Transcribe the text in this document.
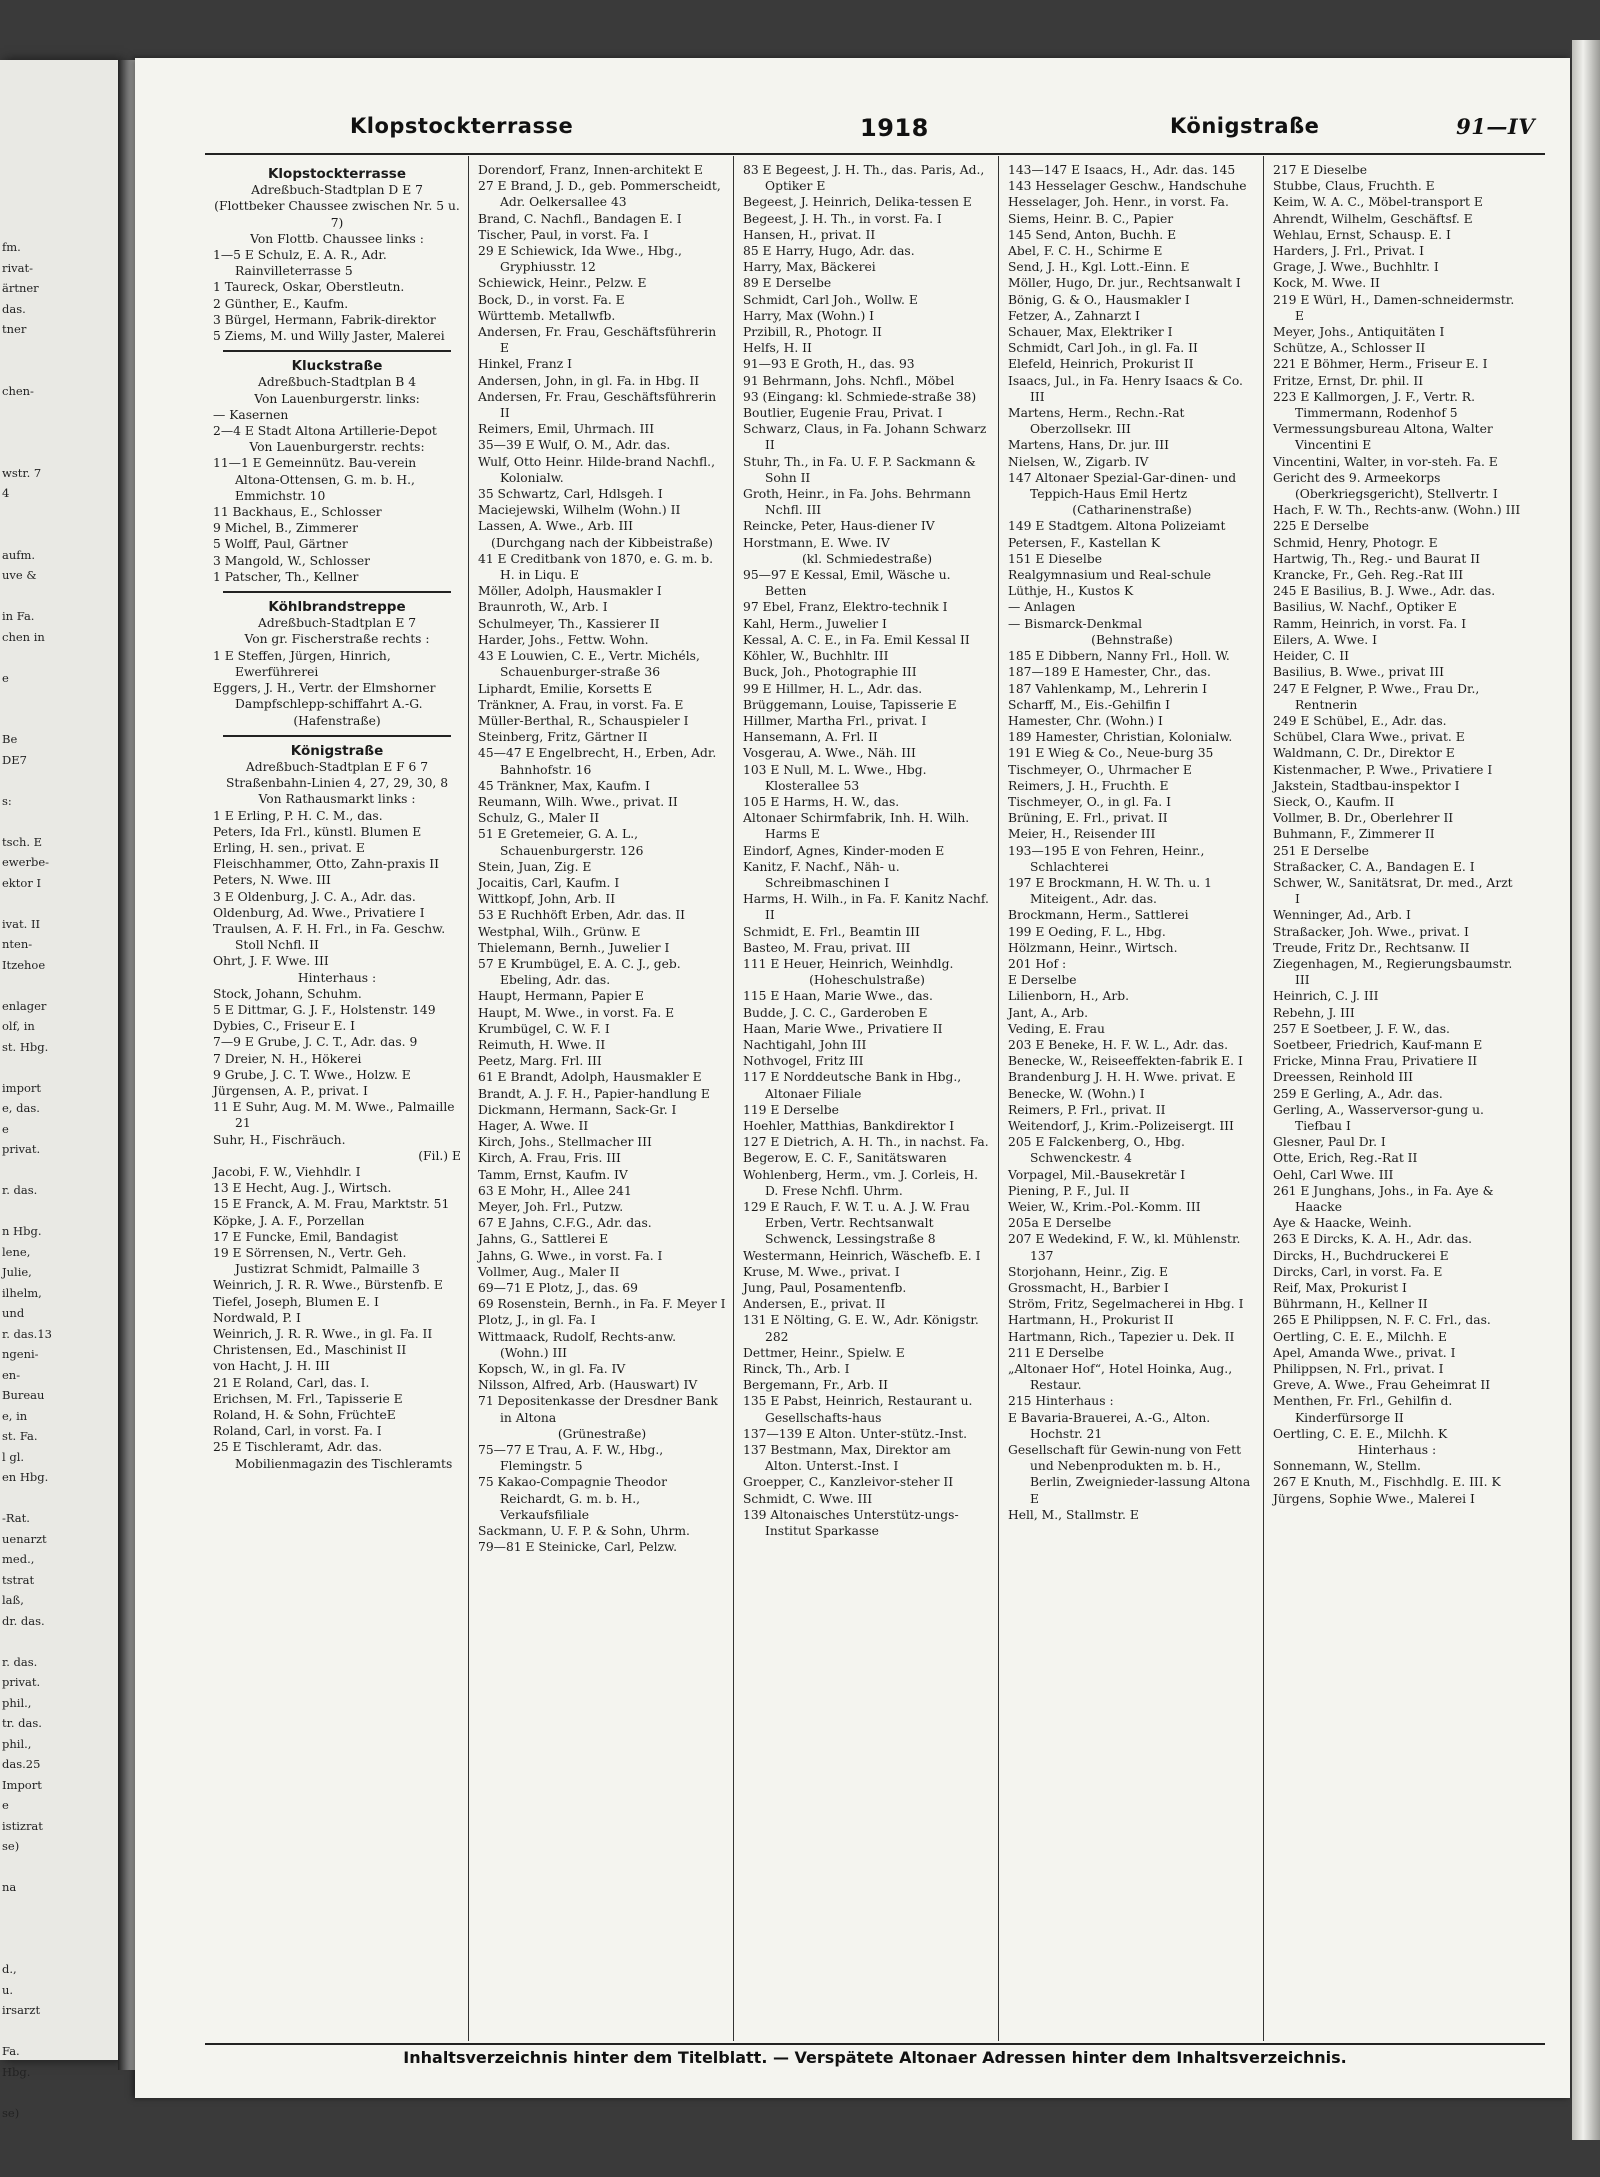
fm.
rivat-
ärtner
das.
tner
chen-
wstr. 7
4
aufm.
uve &
in Fa.
chen in
e
Be
DE7
s:
tsch. E
ewerbe-
ektor I
ivat. II
nten-
Itzehoe
enlager
olf, in
st. Hbg.
import
e, das.
e
privat.
r. das.
n Hbg.
lene,
Julie,
ilhelm,
und
r. das.13
ngeni-
en-
Bureau
e, in
st. Fa.
l gl.
en Hbg.
-Rat.
uenarzt
med.,
tstrat
laß,
dr. das.
r. das.
privat.
phil.,
tr. das.
phil.,
das.25
Import
e
istizrat
se)
na
d.,
u.
irsarzt
Fa.
Hbg.
se)
Klopstockterrasse	1918	Königstraße	91—IV
Klopstockterrasse
Adreßbuch-Stadtplan D E 7
(Flottbeker Chaussee zwischen Nr. 5 u. 7)
Von Flottb. Chaussee links :
1—5 E Schulz, E. A. R., Adr. Rainvilleterrasse 5
1 Taureck, Oskar, Oberstleutn.
2 Günther, E., Kaufm.
3 Bürgel, Hermann, Fabrik-direktor
5 Ziems, M. und Willy Jaster, Malerei
Kluckstraße
Adreßbuch-Stadtplan B 4
Von Lauenburgerstr. links:
— Kasernen
2—4 E Stadt Altona Artillerie-Depot
Von Lauenburgerstr. rechts:
11—1 E Gemeinnütz. Bau-verein Altona-Ottensen, G. m. b. H., Emmichstr. 10
11 Backhaus, E., Schlosser
9 Michel, B., Zimmerer
5 Wolff, Paul, Gärtner
3 Mangold, W., Schlosser
1 Patscher, Th., Kellner
Köhlbrandstreppe
Adreßbuch-Stadtplan E 7
Von gr. Fischerstraße rechts :
1 E Steffen, Jürgen, Hinrich, Ewerführerei
Eggers, J. H., Vertr. der Elmshorner Dampfschlepp-schiffahrt A.-G.
(Hafenstraße)
Königstraße
Adreßbuch-Stadtplan E F 6 7
Straßenbahn-Linien 4, 27, 29, 30, 8
Von Rathausmarkt links :
1 E Erling, P. H. C. M., das.
Peters, Ida Frl., künstl. Blumen E
Erling, H. sen., privat. E
Fleischhammer, Otto, Zahn-praxis II
Peters, N. Wwe. III
3 E Oldenburg, J. C. A., Adr. das.
Oldenburg, Ad. Wwe., Privatiere I
Traulsen, A. F. H. Frl., in Fa. Geschw. Stoll Nchfl. II
Ohrt, J. F. Wwe. III
Hinterhaus :
Stock, Johann, Schuhm.
5 E Dittmar, G. J. F., Holstenstr. 149
Dybies, C., Friseur E. I
7—9 E Grube, J. C. T., Adr. das. 9
7 Dreier, N. H., Hökerei
9 Grube, J. C. T. Wwe., Holzw. E
Jürgensen, A. P., privat. I
11 E Suhr, Aug. M. M. Wwe., Palmaille 21
Suhr, H., Fischräuch.
(Fil.) E
Jacobi, F. W., Viehhdlr. I
13 E Hecht, Aug. J., Wirtsch.
15 E Franck, A. M. Frau, Marktstr. 51
Köpke, J. A. F., Porzellan
17 E Funcke, Emil, Bandagist
19 E Sörrensen, N., Vertr. Geh. Justizrat Schmidt, Palmaille 3
Weinrich, J. R. R. Wwe., Bürstenfb. E
Tiefel, Joseph, Blumen E. I
Nordwald, P. I
Weinrich, J. R. R. Wwe., in gl. Fa. II
Christensen, Ed., Maschinist II
von Hacht, J. H. III
21 E Roland, Carl, das. I.
Erichsen, M. Frl., Tapisserie E
Roland, H. & Sohn, FrüchteE
Roland, Carl, in vorst. Fa. I
25 E Tischleramt, Adr. das. Mobilienmagazin des Tischleramts
Dorendorf, Franz, Innen-architekt E
27 E Brand, J. D., geb. Pommerscheidt, Adr. Oelkersallee 43
Brand, C. Nachfl., Bandagen E. I
Tischer, Paul, in vorst. Fa. I
29 E Schiewick, Ida Wwe., Hbg., Gryphiusstr. 12
Schiewick, Heinr., Pelzw. E
Bock, D., in vorst. Fa. E
Württemb. Metallwfb.
Andersen, Fr. Frau, Geschäftsführerin E
Hinkel, Franz I
Andersen, John, in gl. Fa. in Hbg. II
Andersen, Fr. Frau, Geschäftsführerin II
Reimers, Emil, Uhrmach. III
35—39 E Wulf, O. M., Adr. das.
Wulf, Otto Heinr. Hilde-brand Nachfl., Kolonialw.
35 Schwartz, Carl, Hdlsgeh. I
Maciejewski, Wilhelm (Wohn.) II
Lassen, A. Wwe., Arb. III
(Durchgang nach der Kibbeistraße)
41 E Creditbank von 1870, e. G. m. b. H. in Liqu. E
Möller, Adolph, Hausmakler I
Braunroth, W., Arb. I
Schulmeyer, Th., Kassierer II
Harder, Johs., Fettw. Wohn.
43 E Louwien, C. E., Vertr. Michéls, Schauenburger-straße 36
Liphardt, Emilie, Korsetts E
Tränkner, A. Frau, in vorst. Fa. E
Müller-Berthal, R., Schauspieler I
Steinberg, Fritz, Gärtner II
45—47 E Engelbrecht, H., Erben, Adr. Bahnhofstr. 16
45 Tränkner, Max, Kaufm. I
Reumann, Wilh. Wwe., privat. II
Schulz, G., Maler II
51 E Gretemeier, G. A. L., Schauenburgerstr. 126
Stein, Juan, Zig. E
Jocaitis, Carl, Kaufm. I
Wittkopf, John, Arb. II
53 E Ruchhöft Erben, Adr. das. II
Westphal, Wilh., Grünw. E
Thielemann, Bernh., Juwelier I
57 E Krumbügel, E. A. C. J., geb. Ebeling, Adr. das.
Haupt, Hermann, Papier E
Haupt, M. Wwe., in vorst. Fa. E
Krumbügel, C. W. F. I
Reimuth, H. Wwe. II
Peetz, Marg. Frl. III
61 E Brandt, Adolph, Hausmakler E
Brandt, A. J. F. H., Papier-handlung E
Dickmann, Hermann, Sack-Gr. I
Hager, A. Wwe. II
Kirch, Johs., Stellmacher III
Kirch, A. Frau, Fris. III
Tamm, Ernst, Kaufm. IV
63 E Mohr, H., Allee 241
Meyer, Joh. Frl., Putzw.
67 E Jahns, C.F.G., Adr. das.
Jahns, G., Sattlerei E
Jahns, G. Wwe., in vorst. Fa. I
Vollmer, Aug., Maler II
69—71 E Plotz, J., das. 69
69 Rosenstein, Bernh., in Fa. F. Meyer I
Plotz, J., in gl. Fa. I
Wittmaack, Rudolf, Rechts-anw. (Wohn.) III
Kopsch, W., in gl. Fa. IV
Nilsson, Alfred, Arb. (Hauswart) IV
71 Depositenkasse der Dresdner Bank in Altona
(Grünestraße)
75—77 E Trau, A. F. W., Hbg., Flemingstr. 5
75 Kakao-Compagnie Theodor Reichardt, G. m. b. H., Verkaufsfiliale
Sackmann, U. F. P. & Sohn, Uhrm.
79—81 E Steinicke, Carl, Pelzw.
83 E Begeest, J. H. Th., das. Paris, Ad., Optiker E
Begeest, J. Heinrich, Delika-tessen E
Begeest, J. H. Th., in vorst. Fa. I
Hansen, H., privat. II
85 E Harry, Hugo, Adr. das.
Harry, Max, Bäckerei
89 E Derselbe
Schmidt, Carl Joh., Wollw. E
Harry, Max (Wohn.) I
Przibill, R., Photogr. II
Helfs, H. II
91—93 E Groth, H., das. 93
91 Behrmann, Johs. Nchfl., Möbel
93 (Eingang: kl. Schmiede-straße 38)
Boutlier, Eugenie Frau, Privat. I
Schwarz, Claus, in Fa. Johann Schwarz II
Stuhr, Th., in Fa. U. F. P. Sackmann & Sohn II
Groth, Heinr., in Fa. Johs. Behrmann Nchfl. III
Reincke, Peter, Haus-diener IV
Horstmann, E. Wwe. IV
(kl. Schmiedestraße)
95—97 E Kessal, Emil, Wäsche u. Betten
97 Ebel, Franz, Elektro-technik I
Kahl, Herm., Juwelier I
Kessal, A. C. E., in Fa. Emil Kessal II
Köhler, W., Buchhltr. III
Buck, Joh., Photographie III
99 E Hillmer, H. L., Adr. das.
Brüggemann, Louise, Tapisserie E
Hillmer, Martha Frl., privat. I
Hansemann, A. Frl. II
Vosgerau, A. Wwe., Näh. III
103 E Null, M. L. Wwe., Hbg. Klosterallee 53
105 E Harms, H. W., das.
Altonaer Schirmfabrik, Inh. H. Wilh. Harms E
Eindorf, Agnes, Kinder-moden E
Kanitz, F. Nachf., Näh- u. Schreibmaschinen I
Harms, H. Wilh., in Fa. F. Kanitz Nachf. II
Schmidt, E. Frl., Beamtin III
Basteo, M. Frau, privat. III
111 E Heuer, Heinrich, Weinhdlg.
(Hoheschulstraße)
115 E Haan, Marie Wwe., das.
Budde, J. C. C., Garderoben E
Haan, Marie Wwe., Privatiere II
Nachtigahl, John III
Nothvogel, Fritz III
117 E Norddeutsche Bank in Hbg., Altonaer Filiale
119 E Derselbe
Hoehler, Matthias, Bankdirektor I
127 E Dietrich, A. H. Th., in nachst. Fa.
Begerow, E. C. F., Sanitätswaren
Wohlenberg, Herm., vm. J. Corleis, H. D. Frese Nchfl. Uhrm.
129 E Rauch, F. W. T. u. A. J. W. Frau Erben, Vertr. Rechtsanwalt Schwenck, Lessingstraße 8
Westermann, Heinrich, Wäschefb. E. I
Kruse, M. Wwe., privat. I
Jung, Paul, Posamentenfb.
Andersen, E., privat. II
131 E Nölting, G. E. W., Adr. Königstr. 282
Dettmer, Heinr., Spielw. E
Rinck, Th., Arb. I
Bergemann, Fr., Arb. II
135 E Pabst, Heinrich, Restaurant u. Gesellschafts-haus
137—139 E Alton. Unter-stütz.-Inst.
137 Bestmann, Max, Direktor am Alton. Unterst.-Inst. I
Groepper, C., Kanzleivor-steher II
Schmidt, C. Wwe. III
139 Altonaisches Unterstütz-ungs-Institut Sparkasse
143—147 E Isaacs, H., Adr. das. 145
143 Hesselager Geschw., Handschuhe
Hesselager, Joh. Henr., in vorst. Fa.
Siems, Heinr. B. C., Papier
145 Send, Anton, Buchh. E
Abel, F. C. H., Schirme E
Send, J. H., Kgl. Lott.-Einn. E
Möller, Hugo, Dr. jur., Rechtsanwalt I
Bönig, G. & O., Hausmakler I
Fetzer, A., Zahnarzt I
Schauer, Max, Elektriker I
Schmidt, Carl Joh., in gl. Fa. II
Elefeld, Heinrich, Prokurist II
Isaacs, Jul., in Fa. Henry Isaacs & Co. III
Martens, Herm., Rechn.-Rat Oberzollsekr. III
Martens, Hans, Dr. jur. III
Nielsen, W., Zigarb. IV
147 Altonaer Spezial-Gar-dinen- und Teppich-Haus Emil Hertz
(Catharinenstraße)
149 E Stadtgem. Altona Polizeiamt
Petersen, F., Kastellan K
151 E Dieselbe
Realgymnasium und Real-schule
Lüthje, H., Kustos K
— Anlagen
— Bismarck-Denkmal
(Behnstraße)
185 E Dibbern, Nanny Frl., Holl. W.
187—189 E Hamester, Chr., das.
187 Vahlenkamp, M., Lehrerin I
Scharff, M., Eis.-Gehilfin I
Hamester, Chr. (Wohn.) I
189 Hamester, Christian, Kolonialw.
191 E Wieg & Co., Neue-burg 35
Tischmeyer, O., Uhrmacher E
Reimers, J. H., Fruchth. E
Tischmeyer, O., in gl. Fa. I
Brüning, E. Frl., privat. II
Meier, H., Reisender III
193—195 E von Fehren, Heinr., Schlachterei
197 E Brockmann, H. W. Th. u. 1 Miteigent., Adr. das.
Brockmann, Herm., Sattlerei
199 E Oeding, F. L., Hbg.
Hölzmann, Heinr., Wirtsch.
201 Hof :
E Derselbe
Lilienborn, H., Arb.
Jant, A., Arb.
Veding, E. Frau
203 E Beneke, H. F. W. L., Adr. das.
Benecke, W., Reiseeffekten-fabrik E. I
Brandenburg J. H. H. Wwe. privat. E
Benecke, W. (Wohn.) I
Reimers, P. Frl., privat. II
Weitendorf, J., Krim.-Polizeisergt. III
205 E Falckenberg, O., Hbg. Schwenckestr. 4
Vorpagel, Mil.-Bausekretär I
Piening, P. F., Jul. II
Weier, W., Krim.-Pol.-Komm. III
205a E Derselbe
207 E Wedekind, F. W., kl. Mühlenstr. 137
Storjohann, Heinr., Zig. E
Grossmacht, H., Barbier I
Ström, Fritz, Segelmacherei in Hbg. I
Hartmann, H., Prokurist II
Hartmann, Rich., Tapezier u. Dek. II
211 E Derselbe
„Altonaer Hof“, Hotel Hoinka, Aug., Restaur.
215 Hinterhaus :
E Bavaria-Brauerei, A.-G., Alton. Hochstr. 21
Gesellschaft für Gewin-nung von Fett und Nebenprodukten m. b. H., Berlin, Zweignieder-lassung Altona E
Hell, M., Stallmstr. E
217 E Dieselbe
Stubbe, Claus, Fruchth. E
Keim, W. A. C., Möbel-transport E
Ahrendt, Wilhelm, Geschäftsf. E
Wehlau, Ernst, Schausp. E. I
Harders, J. Frl., Privat. I
Grage, J. Wwe., Buchhltr. I
Kock, M. Wwe. II
219 E Würl, H., Damen-schneidermstr. E
Meyer, Johs., Antiquitäten I
Schütze, A., Schlosser II
221 E Böhmer, Herm., Friseur E. I
Fritze, Ernst, Dr. phil. II
223 E Kallmorgen, J. F., Vertr. R. Timmermann, Rodenhof 5
Vermessungsbureau Altona, Walter Vincentini E
Vincentini, Walter, in vor-steh. Fa. E
Gericht des 9. Armeekorps (Oberkriegsgericht), Stellvertr. I
Hach, F. W. Th., Rechts-anw. (Wohn.) III
225 E Derselbe
Schmid, Henry, Photogr. E
Hartwig, Th., Reg.- und Baurat II
Krancke, Fr., Geh. Reg.-Rat III
245 E Basilius, B. J. Wwe., Adr. das.
Basilius, W. Nachf., Optiker E
Ramm, Heinrich, in vorst. Fa. I
Eilers, A. Wwe. I
Heider, C. II
Basilius, B. Wwe., privat III
247 E Felgner, P. Wwe., Frau Dr., Rentnerin
249 E Schübel, E., Adr. das.
Schübel, Clara Wwe., privat. E
Waldmann, C. Dr., Direktor E
Kistenmacher, P. Wwe., Privatiere I
Jakstein, Stadtbau-inspektor I
Sieck, O., Kaufm. II
Vollmer, B. Dr., Oberlehrer II
Buhmann, F., Zimmerer II
251 E Derselbe
Straßacker, C. A., Bandagen E. I
Schwer, W., Sanitätsrat, Dr. med., Arzt I
Wenninger, Ad., Arb. I
Straßacker, Joh. Wwe., privat. I
Treude, Fritz Dr., Rechtsanw. II
Ziegenhagen, M., Regierungsbaumstr. III
Heinrich, C. J. III
Rebehn, J. III
257 E Soetbeer, J. F. W., das.
Soetbeer, Friedrich, Kauf-mann E
Fricke, Minna Frau, Privatiere II
Dreessen, Reinhold III
259 E Gerling, A., Adr. das.
Gerling, A., Wasserversor-gung u. Tiefbau I
Glesner, Paul Dr. I
Otte, Erich, Reg.-Rat II
Oehl, Carl Wwe. III
261 E Junghans, Johs., in Fa. Aye & Haacke
Aye & Haacke, Weinh.
263 E Dircks, K. A. H., Adr. das.
Dircks, H., Buchdruckerei E
Dircks, Carl, in vorst. Fa. E
Reif, Max, Prokurist I
Bührmann, H., Kellner II
265 E Philippsen, N. F. C. Frl., das.
Oertling, C. E. E., Milchh. E
Apel, Amanda Wwe., privat. I
Philippsen, N. Frl., privat. I
Greve, A. Wwe., Frau Geheimrat II
Menthen, Fr. Frl., Gehilfin d. Kinderfürsorge II
Oertling, C. E. E., Milchh. K
Hinterhaus :
Sonnemann, W., Stellm.
267 E Knuth, M., Fischhdlg. E. III. K
Jürgens, Sophie Wwe., Malerei I
Inhaltsverzeichnis hinter dem Titelblatt. — Verspätete Altonaer Adressen hinter dem Inhaltsverzeichnis.
